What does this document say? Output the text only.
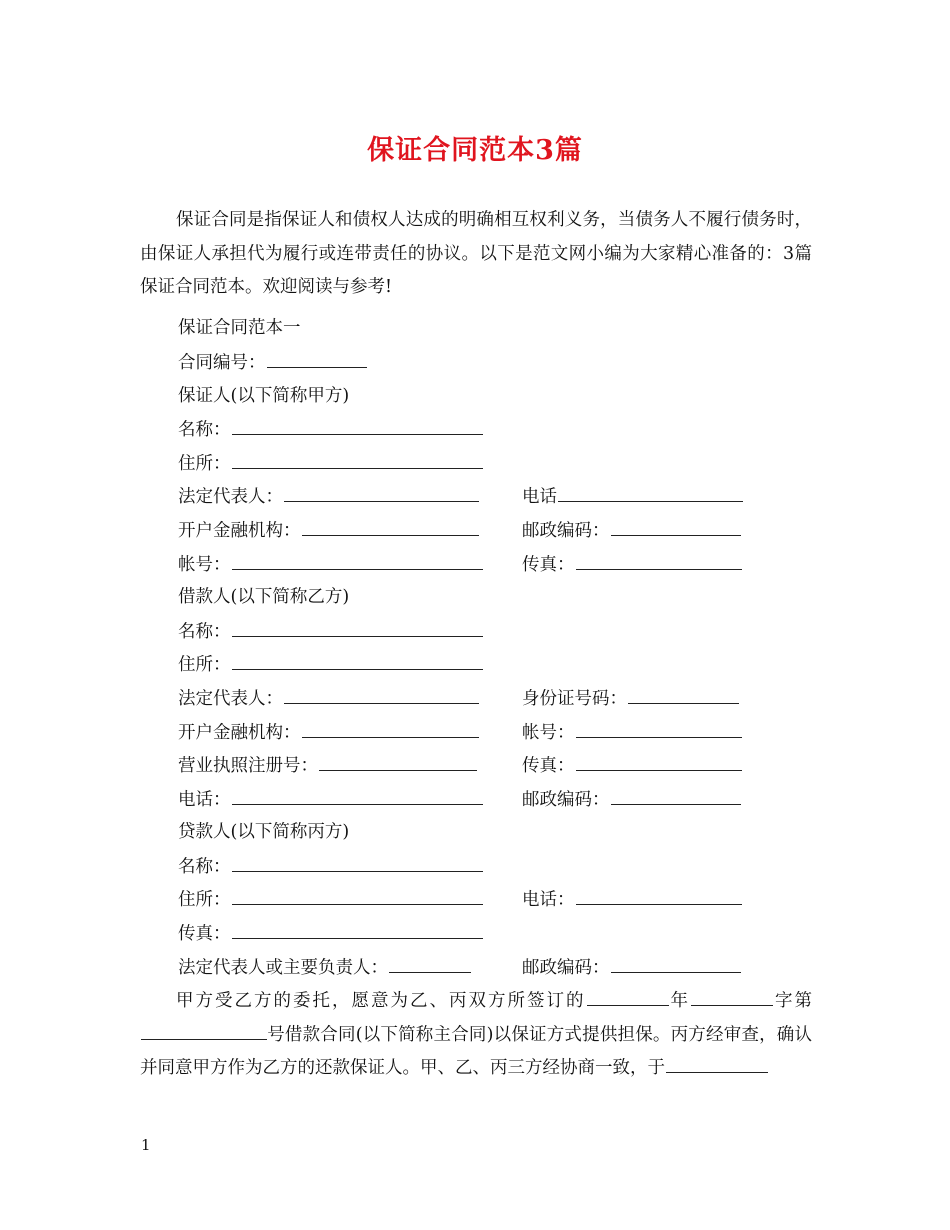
保证合同范本3篇

保证合同是指保证人和债权人达成的明确相互权利义务，当债务人不履行债务时，由保证人承担代为履行或连带责任的协议。以下是范文网小编为大家精心准备的：3篇保证合同范本。欢迎阅读与参考!

保证合同范本一
合同编号：
保证人(以下简称甲方)
名称：
住所：
法定代表人：	电话
开户金融机构：	邮政编码：
帐号：	传真：
借款人(以下简称乙方)
名称：
住所：
法定代表人：	身份证号码：
开户金融机构：	帐号：
营业执照注册号：	传真：
电话：	邮政编码：
贷款人(以下简称丙方)
名称：
住所：	电话：
传真：
法定代表人或主要负责人：	邮政编码：

甲方受乙方的委托，愿意为乙、丙双方所签订的	年	字第号借款合同(以下简称主合同)以保证方式提供担保。丙方经审查，确认并同意甲方作为乙方的还款保证人。甲、乙、丙三方经协商一致，于

1
